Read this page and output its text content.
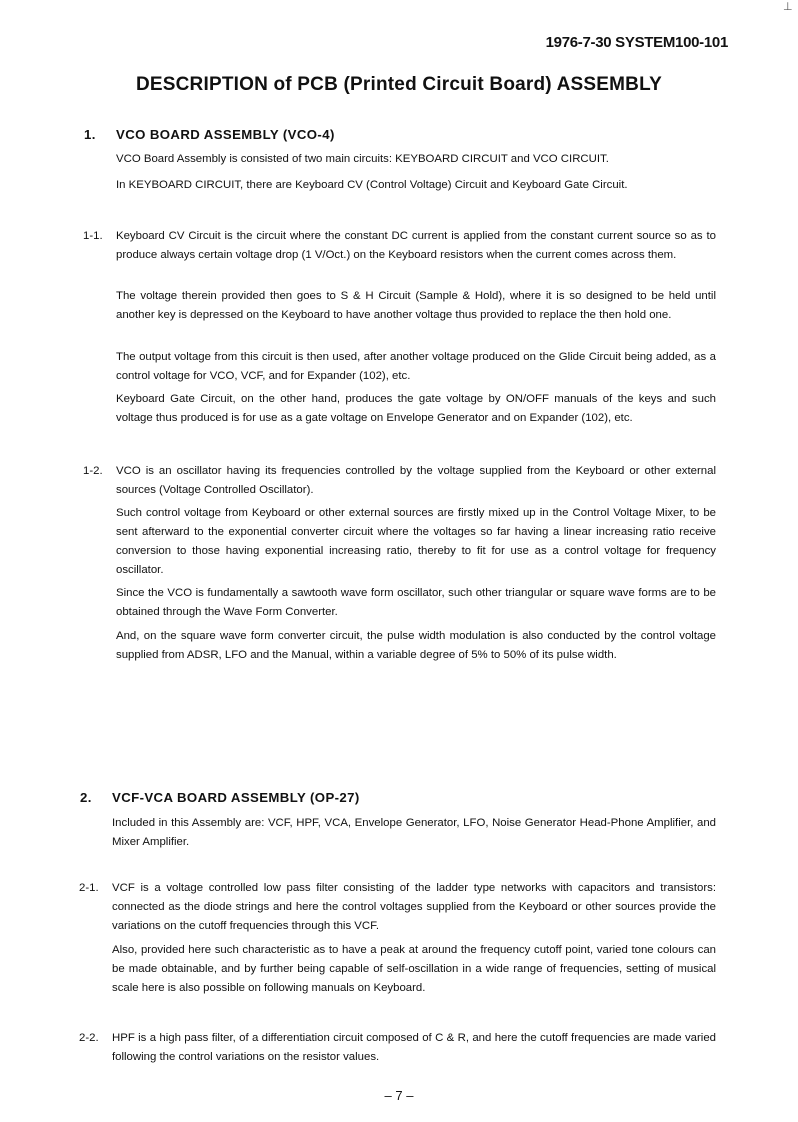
⊥
1976-7-30 SYSTEM100-101
DESCRIPTION of PCB (Printed Circuit Board) ASSEMBLY
1. VCO BOARD ASSEMBLY (VCO-4)

VCO Board Assembly is consisted of two main circuits: KEYBOARD CIRCUIT and VCO CIRCUIT.

In KEYBOARD CIRCUIT, there are Keyboard CV (Control Voltage) Circuit and Keyboard Gate Circuit.

1-1. Keyboard CV Circuit is the circuit where the constant DC current is applied from the constant current source so as to produce always certain voltage drop (1 V/Oct.) on the Keyboard resistors when the current comes across them.

The voltage therein provided then goes to S & H Circuit (Sample & Hold), where it is so designed to be held until another key is depressed on the Keyboard to have another voltage thus provided to replace the then hold one.

The output voltage from this circuit is then used, after another voltage produced on the Glide Circuit being added, as a control voltage for VCO, VCF, and for Expander (102), etc.

Keyboard Gate Circuit, on the other hand, produces the gate voltage by ON/OFF manuals of the keys and such voltage thus produced is for use as a gate voltage on Envelope Generator and on Expander (102), etc.

1-2. VCO is an oscillator having its frequencies controlled by the voltage supplied from the Keyboard or other external sources (Voltage Controlled Oscillator).

Such control voltage from Keyboard or other external sources are firstly mixed up in the Control Voltage Mixer, to be sent afterward to the exponential converter circuit where the voltages so far having a linear increasing ratio receive conversion to those having exponential increasing ratio, thereby to fit for use as a control voltage for frequency oscillator.

Since the VCO is fundamentally a sawtooth wave form oscillator, such other triangular or square wave forms are to be obtained through the Wave Form Converter.

And, on the square wave form converter circuit, the pulse width modulation is also conducted by the control voltage supplied from ADSR, LFO and the Manual, within a variable degree of 5% to 50% of its pulse width.

2. VCF-VCA BOARD ASSEMBLY (OP-27)

Included in this Assembly are: VCF, HPF, VCA, Envelope Generator, LFO, Noise Generator Head-Phone Amplifier, and Mixer Amplifier.

2-1. VCF is a voltage controlled low pass filter consisting of the ladder type networks with capacitors and transistors: connected as the diode strings and here the control voltages supplied from the Keyboard or other sources provide the variations on the cutoff frequencies through this VCF.

Also, provided here such characteristic as to have a peak at around the frequency cutoff point, varied tone colours can be made obtainable, and by further being capable of self-oscillation in a wide range of frequencies, setting of musical scale here is also possible on following manuals on Keyboard.

2-2. HPF is a high pass filter, of a differentiation circuit composed of C & R, and here the cutoff frequencies are made varied following the control variations on the resistor values.

– 7 –
